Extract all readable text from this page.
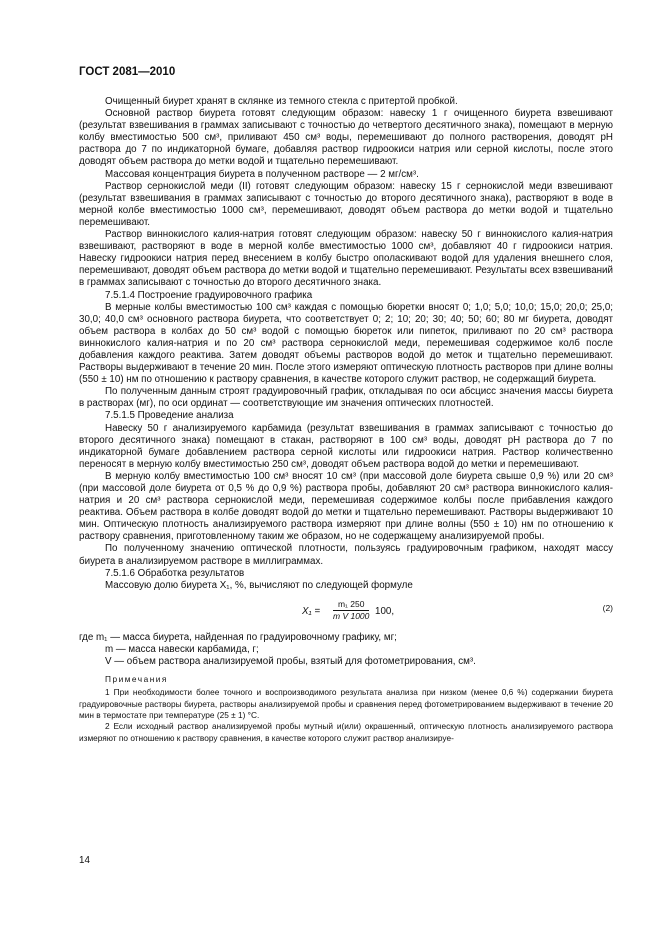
ГОСТ 2081—2010

Очищенный биурет хранят в склянке из темного стекла с притертой пробкой.

Основной раствор биурета готовят следующим образом: навеску 1 г очищенного биурета взвешивают (результат взвешивания в граммах записывают с точностью до четвертого десятичного знака), помещают в мерную колбу вместимостью 500 см³, приливают 450 см³ воды, перемешивают до полного растворения, доводят рН раствора до 7 по индикаторной бумаге, добавляя раствор гидроокиси натрия или серной кислоты, после этого доводят объем раствора до метки водой и тщательно перемешивают.

Массовая концентрация биурета в полученном растворе — 2 мг/см³.

Раствор сернокислой меди (II) готовят следующим образом: навеску 15 г сернокислой меди взвешивают (результат взвешивания в граммах записывают с точностью до второго десятичного знака), растворяют в воде в мерной колбе вместимостью 1000 см³, перемешивают, доводят объем раствора до метки водой и тщательно перемешивают.

Раствор виннокислого калия-натрия готовят следующим образом: навеску 50 г виннокислого калия-натрия взвешивают, растворяют в воде в мерной колбе вместимостью 1000 см³, добавляют 40 г гидроокиси натрия. Навеску гидроокиси натрия перед внесением в колбу быстро ополаскивают водой для удаления внешнего слоя, перемешивают, доводят объем раствора до метки водой и тщательно перемешивают. Результаты всех взвешиваний в граммах записывают с точностью до второго десятичного знака.

7.5.1.4 Построение градуировочного графика

В мерные колбы вместимостью 100 см³ каждая с помощью бюретки вносят 0; 1,0; 5,0; 10,0; 15,0; 20,0; 25,0; 30,0; 40,0 см³ основного раствора биурета, что соответствует 0; 2; 10; 20; 30; 40; 50; 60; 80 мг биурета, доводят объем раствора в колбах до 50 см³ водой с помощью бюреток или пипеток, приливают по 20 см³ раствора виннокислого калия-натрия и по 20 см³ раствора сернокислой меди, перемешивая содержимое колб после добавления каждого реактива. Затем доводят объемы растворов водой до меток и тщательно перемешивают. Растворы выдерживают в течение 20 мин. После этого измеряют оптическую плотность растворов при длине волны (550 ± 10) нм по отношению к раствору сравнения, в качестве которого служит раствор, не содержащий биурета.

По полученным данным строят градуировочный график, откладывая по оси абсцисс значения массы биурета в растворах (мг), по оси ординат — соответствующие им значения оптических плотностей.

7.5.1.5 Проведение анализа

Навеску 50 г анализируемого карбамида (результат взвешивания в граммах записывают с точностью до второго десятичного знака) помещают в стакан, растворяют в 100 см³ воды, доводят рН раствора до 7 по индикаторной бумаге добавлением раствора серной кислоты или гидроокиси натрия. Раствор количественно переносят в мерную колбу вместимостью 250 см³, доводят объем раствора водой до метки и перемешивают.

В мерную колбу вместимостью 100 см³ вносят 10 см³ (при массовой доле биурета свыше 0,9 %) или 20 см³ (при массовой доле биурета от 0,5 % до 0,9 %) раствора пробы, добавляют 20 см³ раствора виннокислого калия-натрия и 20 см³ раствора сернокислой меди, перемешивая содержимое колбы после прибавления каждого реактива. Объем раствора в колбе доводят водой до метки и тщательно перемешивают. Растворы выдерживают 10 мин. Оптическую плотность анализируемого раствора измеряют при длине волны (550 ± 10) нм по отношению к раствору сравнения, приготовленному таким же образом, но не содержащему анализируемой пробы.

По полученному значению оптической плотности, пользуясь градуировочным графиком, находят массу биурета в анализируемом растворе в миллиграммах.

7.5.1.6 Обработка результатов

Массовую долю биурета X₁, %, вычисляют по следующей формуле

$X_1 = \frac{\text{m₁ 250}}{\text{m V 1000}} 100$,	(2)

где m₁ — масса биурета, найденная по градуировочному графику, мг;

m — масса навески карбамида, г;

V — объем раствора анализируемой пробы, взятый для фотометрирования, см³.

Примечания

1 При необходимости более точного и воспроизводимого результата анализа при низком (менее 0,6 %) содержании биурета градуировочные растворы биурета, растворы анализируемой пробы и сравнения перед фотометрированием выдерживают в течение 20 мин в термостате при температуре (25 ± 1) °С.

2 Если исходный раствор анализируемой пробы мутный и(или) окрашенный, оптическую плотность анализируемого раствора измеряют по отношению к раствору сравнения, в качестве которого служит раствор анализируе-

14
